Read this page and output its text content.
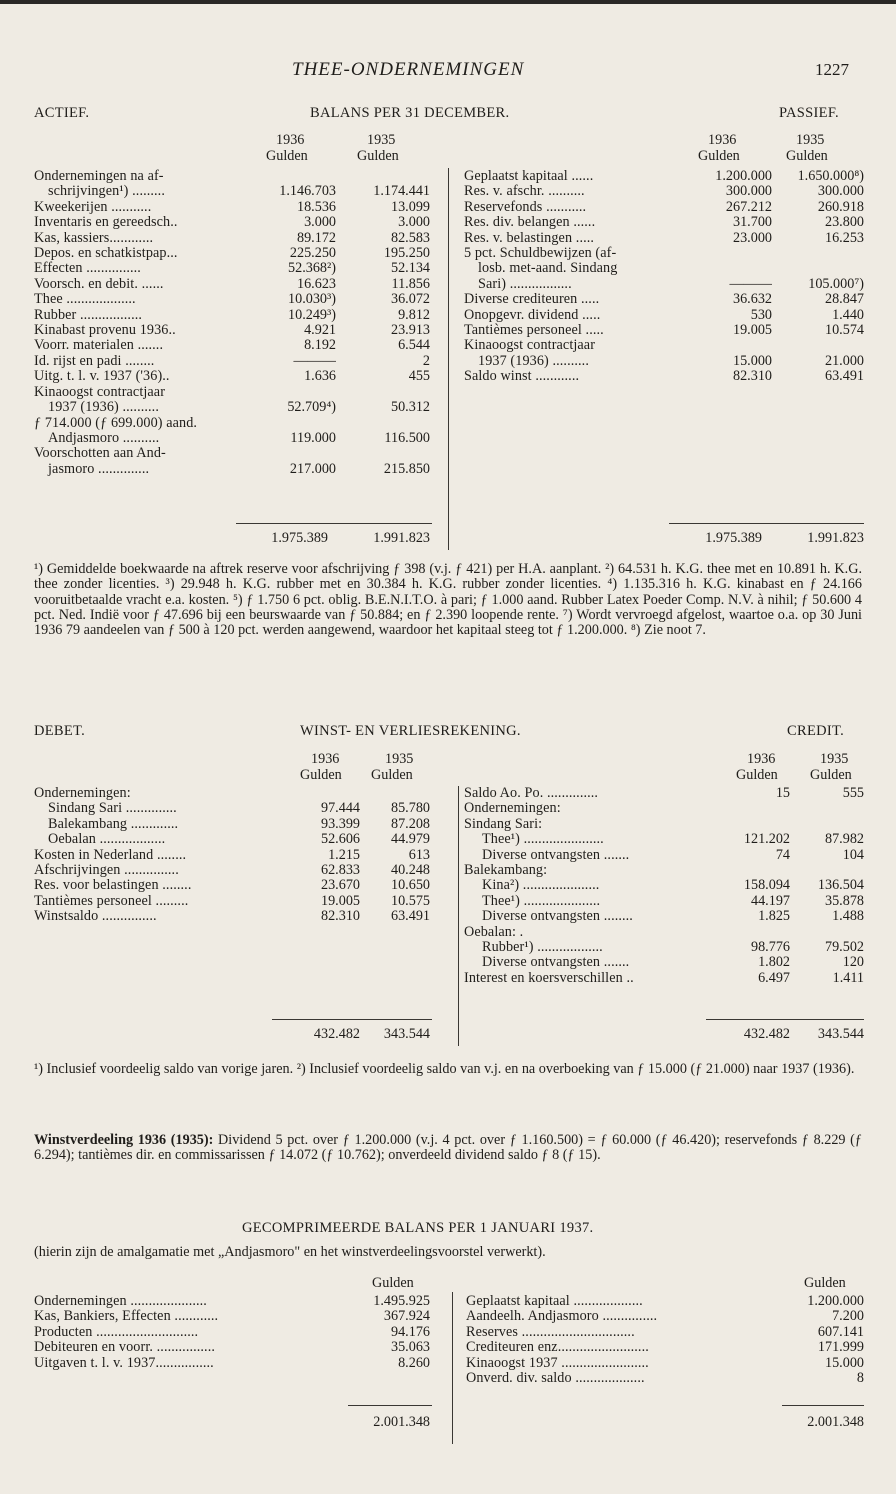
THEE-ONDERNEMINGEN	1227
ACTIEF.	BALANS PER 31 DECEMBER.	PASSIEF.
1936	1935
Gulden	Gulden
1936	1935
Gulden	Gulden
Ondernemingen na af-		
schrijvingen¹) .........	1.146.703	1.174.441
Kweekerijen ...........	18.536	13.099
Inventaris en gereedsch..	3.000	3.000
Kas, kassiers............	89.172	82.583
Depos. en schatkistpap...	225.250	195.250
Effecten ...............	52.368²)	52.134
Voorsch. en debit. ......	16.623	11.856
Thee ...................	10.030³)	36.072
Rubber .................	10.249³)	9.812
Kinabast provenu 1936..	4.921	23.913
Voorr. materialen .......	8.192	6.544
Id. rijst en padi ........	———	2
Uitg. t. l. v. 1937 ('36)..	1.636	455
Kinaoogst contractjaar		
1937 (1936) ..........	52.709⁴)	50.312
ƒ 714.000 (ƒ 699.000) aand.		
Andjasmoro ..........	119.000	116.500
Voorschotten aan And-		
jasmoro ..............	217.000	215.850
1.975.389	1.991.823
Geplaatst kapitaal ......	1.200.000	1.650.000⁸)
Res. v. afschr. ..........	300.000	300.000
Reservefonds ...........	267.212	260.918
Res. div. belangen ......	31.700	23.800
Res. v. belastingen .....	23.000	16.253
5 pct. Schuldbewijzen (af-		
losb. met-aand. Sindang		
Sari) .................	———	105.000⁷)
Diverse crediteuren .....	36.632	28.847
Onopgevr. dividend .....	530	1.440
Tantièmes personeel .....	19.005	10.574
Kinaoogst contractjaar		
1937 (1936) ..........	15.000	21.000
Saldo winst ............	82.310	63.491
1.975.389	1.991.823

¹) Gemiddelde boekwaarde na aftrek reserve voor afschrijving ƒ 398 (v.j. ƒ 421) per H.A. aanplant. ²) 64.531 h. K.G. thee met en 10.891 h. K.G. thee zonder licenties. ³) 29.948 h. K.G. rubber met en 30.384 h. K.G. rubber zonder licenties. ⁴) 1.135.316 h. K.G. kinabast en ƒ 24.166 vooruitbetaalde vracht e.a. kosten. ⁵) ƒ 1.750 6 pct. oblig. B.E.N.I.T.O. à pari; ƒ 1.000 aand. Rubber Latex Poeder Comp. N.V. à nihil; ƒ 50.600 4 pct. Ned. Indië voor ƒ 47.696 bij een beurswaarde van ƒ 50.884; en ƒ 2.390 loopende rente. ⁷) Wordt vervroegd afgelost, waartoe o.a. op 30 Juni 1936 79 aandeelen van ƒ 500 à 120 pct. werden aangewend, waardoor het kapitaal steeg tot ƒ 1.200.000. ⁸) Zie noot 7.

DEBET.	WINST- EN VERLIESREKENING.	CREDIT.
1936	1935
Gulden Gulden
1936	1935
Gulden Gulden
Ondernemingen:		
Sindang Sari ..............	97.444	85.780
Balekambang .............	93.399	87.208
Oebalan ..................	52.606	44.979
Kosten in Nederland ........	1.215	613
Afschrijvingen ...............	62.833	40.248
Res. voor belastingen ........	23.670	10.650
Tantièmes personeel .........	19.005	10.575
Winstsaldo ...............	82.310	63.491
432.482	343.544
Saldo Ao. Po. ..............	15	555
Ondernemingen:		
Sindang Sari:		
Thee¹) ......................	121.202	87.982
Diverse ontvangsten .......	74	104
Balekambang:		
Kina²) .....................	158.094	136.504
Thee¹) .....................	44.197	35.878
Diverse ontvangsten ........	1.825	1.488
Oebalan: .		
Rubber¹) ..................	98.776	79.502
Diverse ontvangsten .......	1.802	120
Interest en koersverschillen ..	6.497	1.411
432.482	343.544

¹) Inclusief voordeelig saldo van vorige jaren. ²) Inclusief voordeelig saldo van v.j. en na overboeking van ƒ 15.000 (ƒ 21.000) naar 1937 (1936).

Winstverdeeling 1936 (1935): Dividend 5 pct. over ƒ 1.200.000 (v.j. 4 pct. over ƒ 1.160.500) = ƒ 60.000 (ƒ 46.420); reservefonds ƒ 8.229 (ƒ 6.294); tantièmes dir. en commissarissen ƒ 14.072 (ƒ 10.762); onverdeeld dividend saldo ƒ 8 (ƒ 15).

GECOMPRIMEERDE BALANS PER 1 JANUARI 1937.
(hierin zijn de amalgamatie met „Andjasmoro" en het winstverdeelingsvoorstel verwerkt).
Gulden	Gulden
Ondernemingen .....................	1.495.925
Kas, Bankiers, Effecten ............	367.924
Producten ............................	94.176
Debiteuren en voorr. ................	35.063
Uitgaven t. l. v. 1937................	8.260
Geplaatst kapitaal ...................	1.200.000
Aandeelh. Andjasmoro ...............	7.200
Reserves ...............................	607.141
Crediteuren enz.........................	171.999
Kinaoogst 1937 ........................	15.000
Onverd. div. saldo ...................	8
2.001.348	2.001.348
